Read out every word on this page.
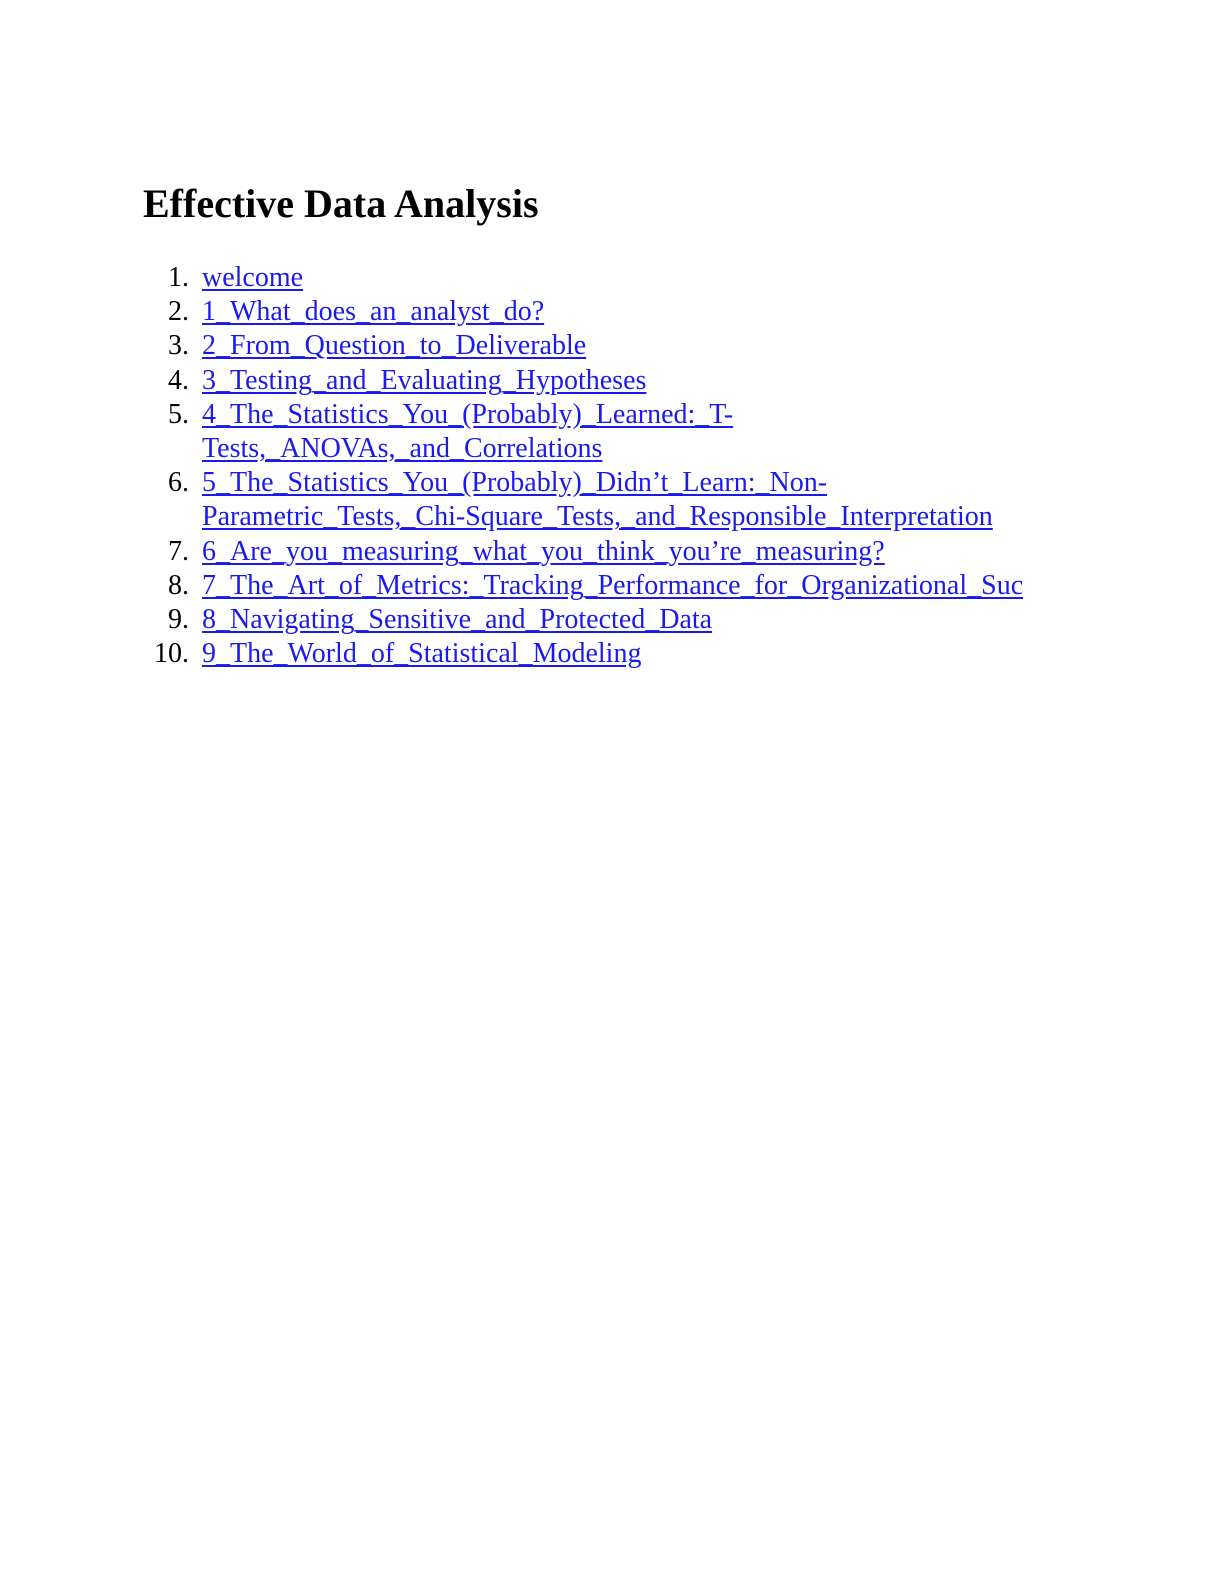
Effective Data Analysis
1. welcome
2. 1_What_does_an_analyst_do?
3. 2_From_Question_to_Deliverable
4. 3_Testing_and_Evaluating_Hypotheses
5. 4_The_Statistics_You_(Probably)_Learned:_T-Tests,_ANOVAs,_and_Correlations
6. 5_The_Statistics_You_(Probably)_Didn’t_Learn:_Non-Parametric_Tests,_Chi-Square_Tests,_and_Responsible_Interpretation
7. 6_Are_you_measuring_what_you_think_you’re_measuring?
8. 7_The_Art_of_Metrics:_Tracking_Performance_for_Organizational_Suc
9. 8_Navigating_Sensitive_and_Protected_Data
10. 9_The_World_of_Statistical_Modeling
